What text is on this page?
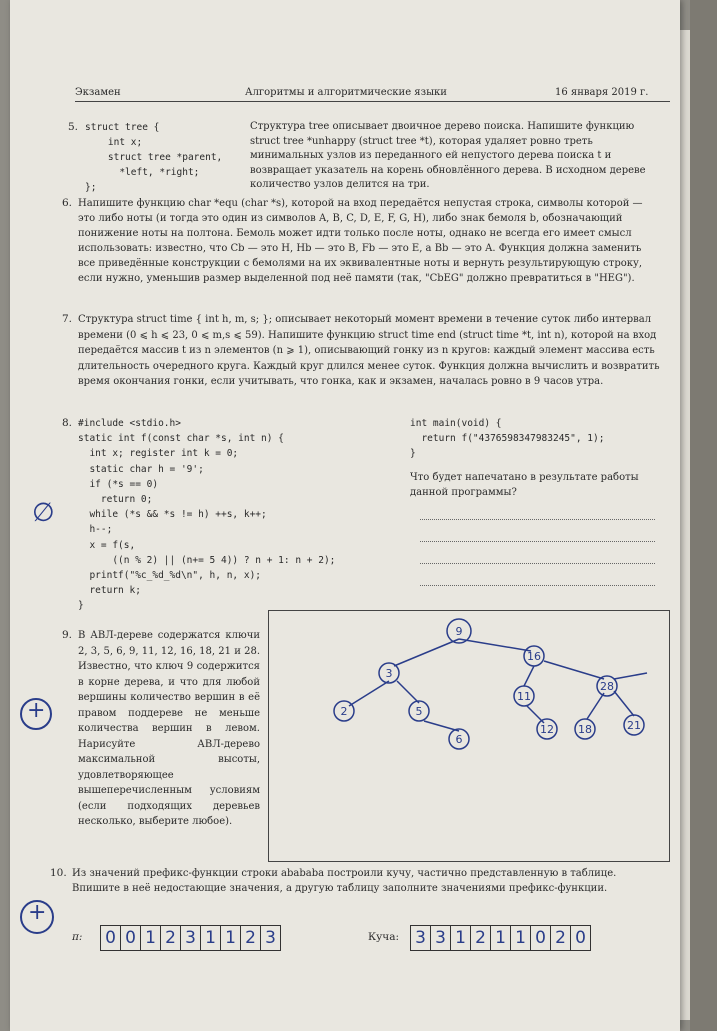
Экзамен	Алгоритмы и алгоритмические языки	16 января 2019 г.
5. struct tree {
int x;
struct tree *parent,
*left, *right;
};
Структура tree описывает двоичное дерево поиска. Напишите функцию struct tree *unhappy (struct tree *t), которая удаляет ровно треть минимальных узлов из переданного ей непустого дерева поиска t и возвращает указатель на корень обновлённого дерева. В исходном дереве количество узлов делится на три.
6. Напишите функцию char *equ (char *s), которой на вход передаётся непустая строка, символы которой — это либо ноты (и тогда это один из символов A, B, C, D, E, F, G, H), либо знак бемоля b, обозначающий понижение ноты на полтона. Бемоль может идти только после ноты, однако не всегда его имеет смысл использовать: известно, что Cb — это H, Hb — это B, Fb — это E, а Bb — это A. Функция должна заменить все приведённые конструкции с бемолями на их эквивалентные ноты и вернуть результирующую строку, если нужно, уменьшив размер выделенной под неё памяти (так, "CbEG" должно превратиться в "HEG").
7. Структура struct time { int h, m, s; }; описывает некоторый момент времени в течение суток либо интервал времени (0 ⩽ h ⩽ 23, 0 ⩽ m,s ⩽ 59). Напишите функцию struct time end (struct time *t, int n), которой на вход передаётся массив t из n элементов (n ⩾ 1), описывающий гонку из n кругов: каждый элемент массива есть длительность очередного круга. Каждый круг длился менее суток. Функция должна вычислить и возвратить время окончания гонки, если учитывать, что гонка, как и экзамен, началась ровно в 9 часов утра.
8. #include <stdio.h>
static int f(const char *s, int n) {
int x; register int k = 0;
static char h = '9';
if (*s == 0)
return 0;
while (*s && *s != h) ++s, k++;
h--;
x = f(s,
((n % 2) || (n+= 5 4)) ? n + 1: n + 2);
printf("%c_%d_%d\n", h, n, x);
return k;
}
int main(void) {
return f("4376598347983245", 1);
}
Что будет напечатано в результате работы данной программы?
∅
9. В АВЛ-дереве содержатся ключи 2, 3, 5, 6, 9, 11, 12, 16, 18, 21 и 28. Известно, что ключ 9 содержится в корне дерева, и что для любой вершины количество вершин в её правом поддереве не меньше количества вершин в левом. Нарисуйте АВЛ-дерево максимальной высоты, удовлетворяющее вышеперечисленным условиям (если подходящих деревьев несколько, выберите любое).
+
9
3
16
2	5
11
28
6
12 18	21
10. Из значений префикс-функции строки abababa построили кучу, частично представленную в таблице. Впишите в неё недостающие значения, а другую таблицу заполните значениями префикс-функции.
+
π: 0 0 1 2 3 1 1 2 3	Куча: 3 3 1 2 1 1 0 2 0
